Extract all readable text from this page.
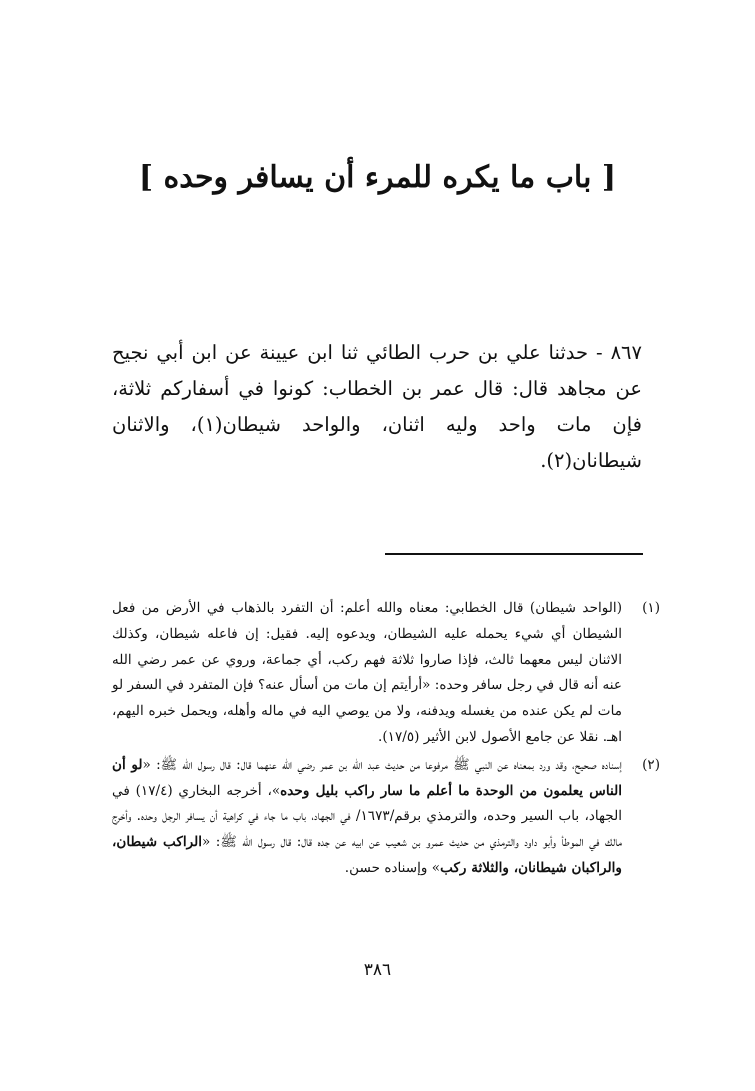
[ باب ما يكره للمرء أن يسافر وحده ]
٨٦٧ - حدثنا علي بن حرب الطائي ثنا ابن عيينة عن ابن أبي نجيح عن مجاهد قال: قال عمر بن الخطاب: كونوا في أسفاركم ثلاثة، فإن مات واحد وليه اثنان، والواحد شيطان(١)، والاثنان شيطانان(٢).
(١)
(الواحد شيطان) قال الخطابي: معناه والله أعلم: أن التفرد بالذهاب في الأرض من فعل الشيطان أي شيء يحمله عليه الشيطان، ويدعوه إليه. فقيل: إن فاعله شيطان، وكذلك الاثنان ليس معهما ثالث، فإذا صاروا ثلاثة فهم ركب، أي جماعة، وروي عن عمر رضي الله عنه أنه قال في رجل سافر وحده: «أرأيتم إن مات من أسأل عنه؟ فإن المتفرد في السفر لو مات لم يكن عنده من يغسله ويدفنه، ولا من يوصي اليه في ماله وأهله، ويحمل خبره اليهم، اهـ. نقلا عن جامع الأصول لابن الأثير (١٧/٥).
(٢)
إسناده صحيح، وقد ورد بمعناه عن النبي ﷺ مرفوعا من حديث عبد الله بن عمر رضي الله عنهما قال: قال رسول الله ﷺ: «لو أن الناس يعلمون من الوحدة ما أعلم ما سار راكب بليل وحده»، أخرجه البخاري (١٧/٤) في الجهاد، باب السير وحده، والترمذي برقم/١٦٧٣/ في الجهاد، باب ما جاء في كراهية أن يسافر الرجل وحده. وأخرج مالك في الموطأ وأبو داود والترمذي من حديث عمرو بن شعيب عن ابيه عن جده قال: قال رسول الله ﷺ: «الراكب شيطان، والراكبان شيطانان، والثلاثة ركب» وإسناده حسن.
٣٨٦
